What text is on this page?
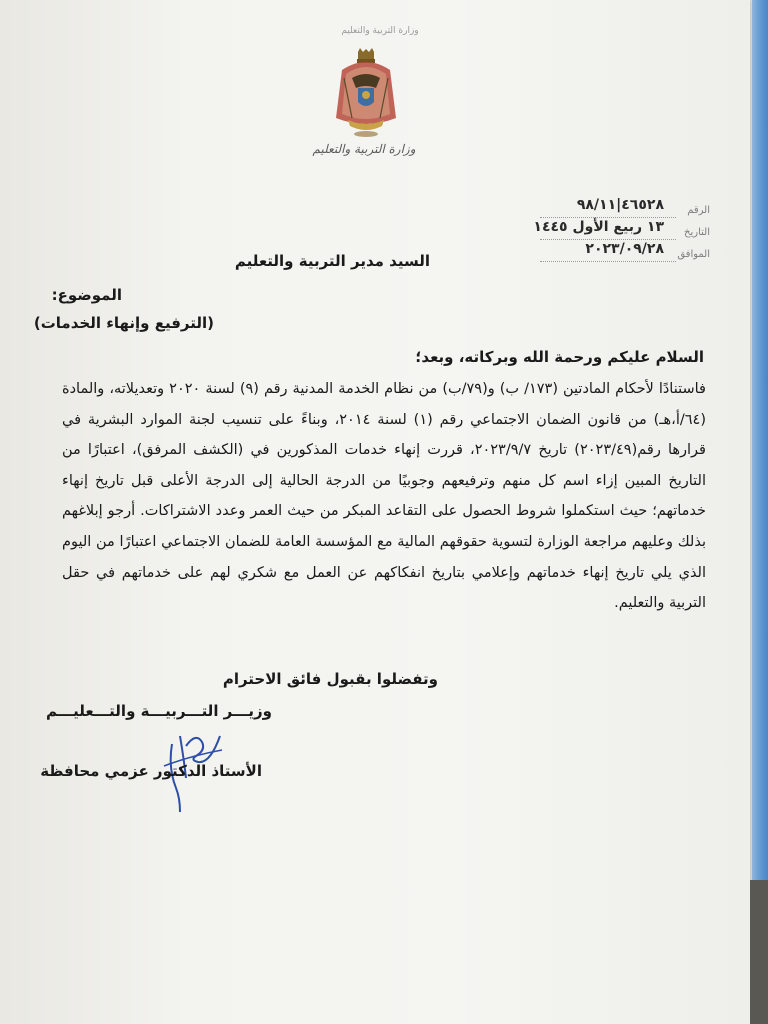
وزارة التربية والتعليم
وزارة التربية والتعليم
الرقم
٤٦٥٢٨|٩٨/١١
التاريخ
١٣ ربيع الأول ١٤٤٥
الموافق
٢٠٢٣/٠٩/٢٨
السيد مدير التربية والتعليم
الموضوع:
(الترفيع وإنهاء الخدمات)
السلام عليكم ورحمة الله وبركاته، وبعد؛
فاستنادًا لأحكام المادتين (١٧٣/ ب) و(٧٩/ب) من نظام الخدمة المدنية رقم (٩) لسنة ٢٠٢٠ وتعديلاته، والمادة (٦٤/أ،هـ) من قانون الضمان الاجتماعي رقم (١) لسنة ٢٠١٤، وبناءً على تنسيب لجنة الموارد البشرية في قرارها رقم(٢٠٢٣/٤٩) تاريخ ٢٠٢٣/٩/٧، قررت إنهاء خدمات المذكورين في (الكشف المرفق)، اعتبارًا من التاريخ المبين إزاء اسم كل منهم وترفيعهم وجوبيًا من الدرجة الحالية إلى الدرجة الأعلى قبل تاريخ إنهاء خدماتهم؛ حيث استكملوا شروط الحصول على التقاعد المبكر من حيث العمر وعدد الاشتراكات. أرجو إبلاغهم بذلك وعليهم مراجعة الوزارة لتسوية حقوقهم المالية مع المؤسسة العامة للضمان الاجتماعي اعتبارًا من اليوم الذي يلي تاريخ إنهاء خدماتهم وإعلامي بتاريخ انفكاكهم عن العمل مع شكري لهم على خدماتهم في حقل التربية والتعليم.
وتفضلوا بقبول فائق الاحترام
وزيـــر التـــربيـــة والتـــعليـــم
الأستاذ الدكتور عزمي محافظة
